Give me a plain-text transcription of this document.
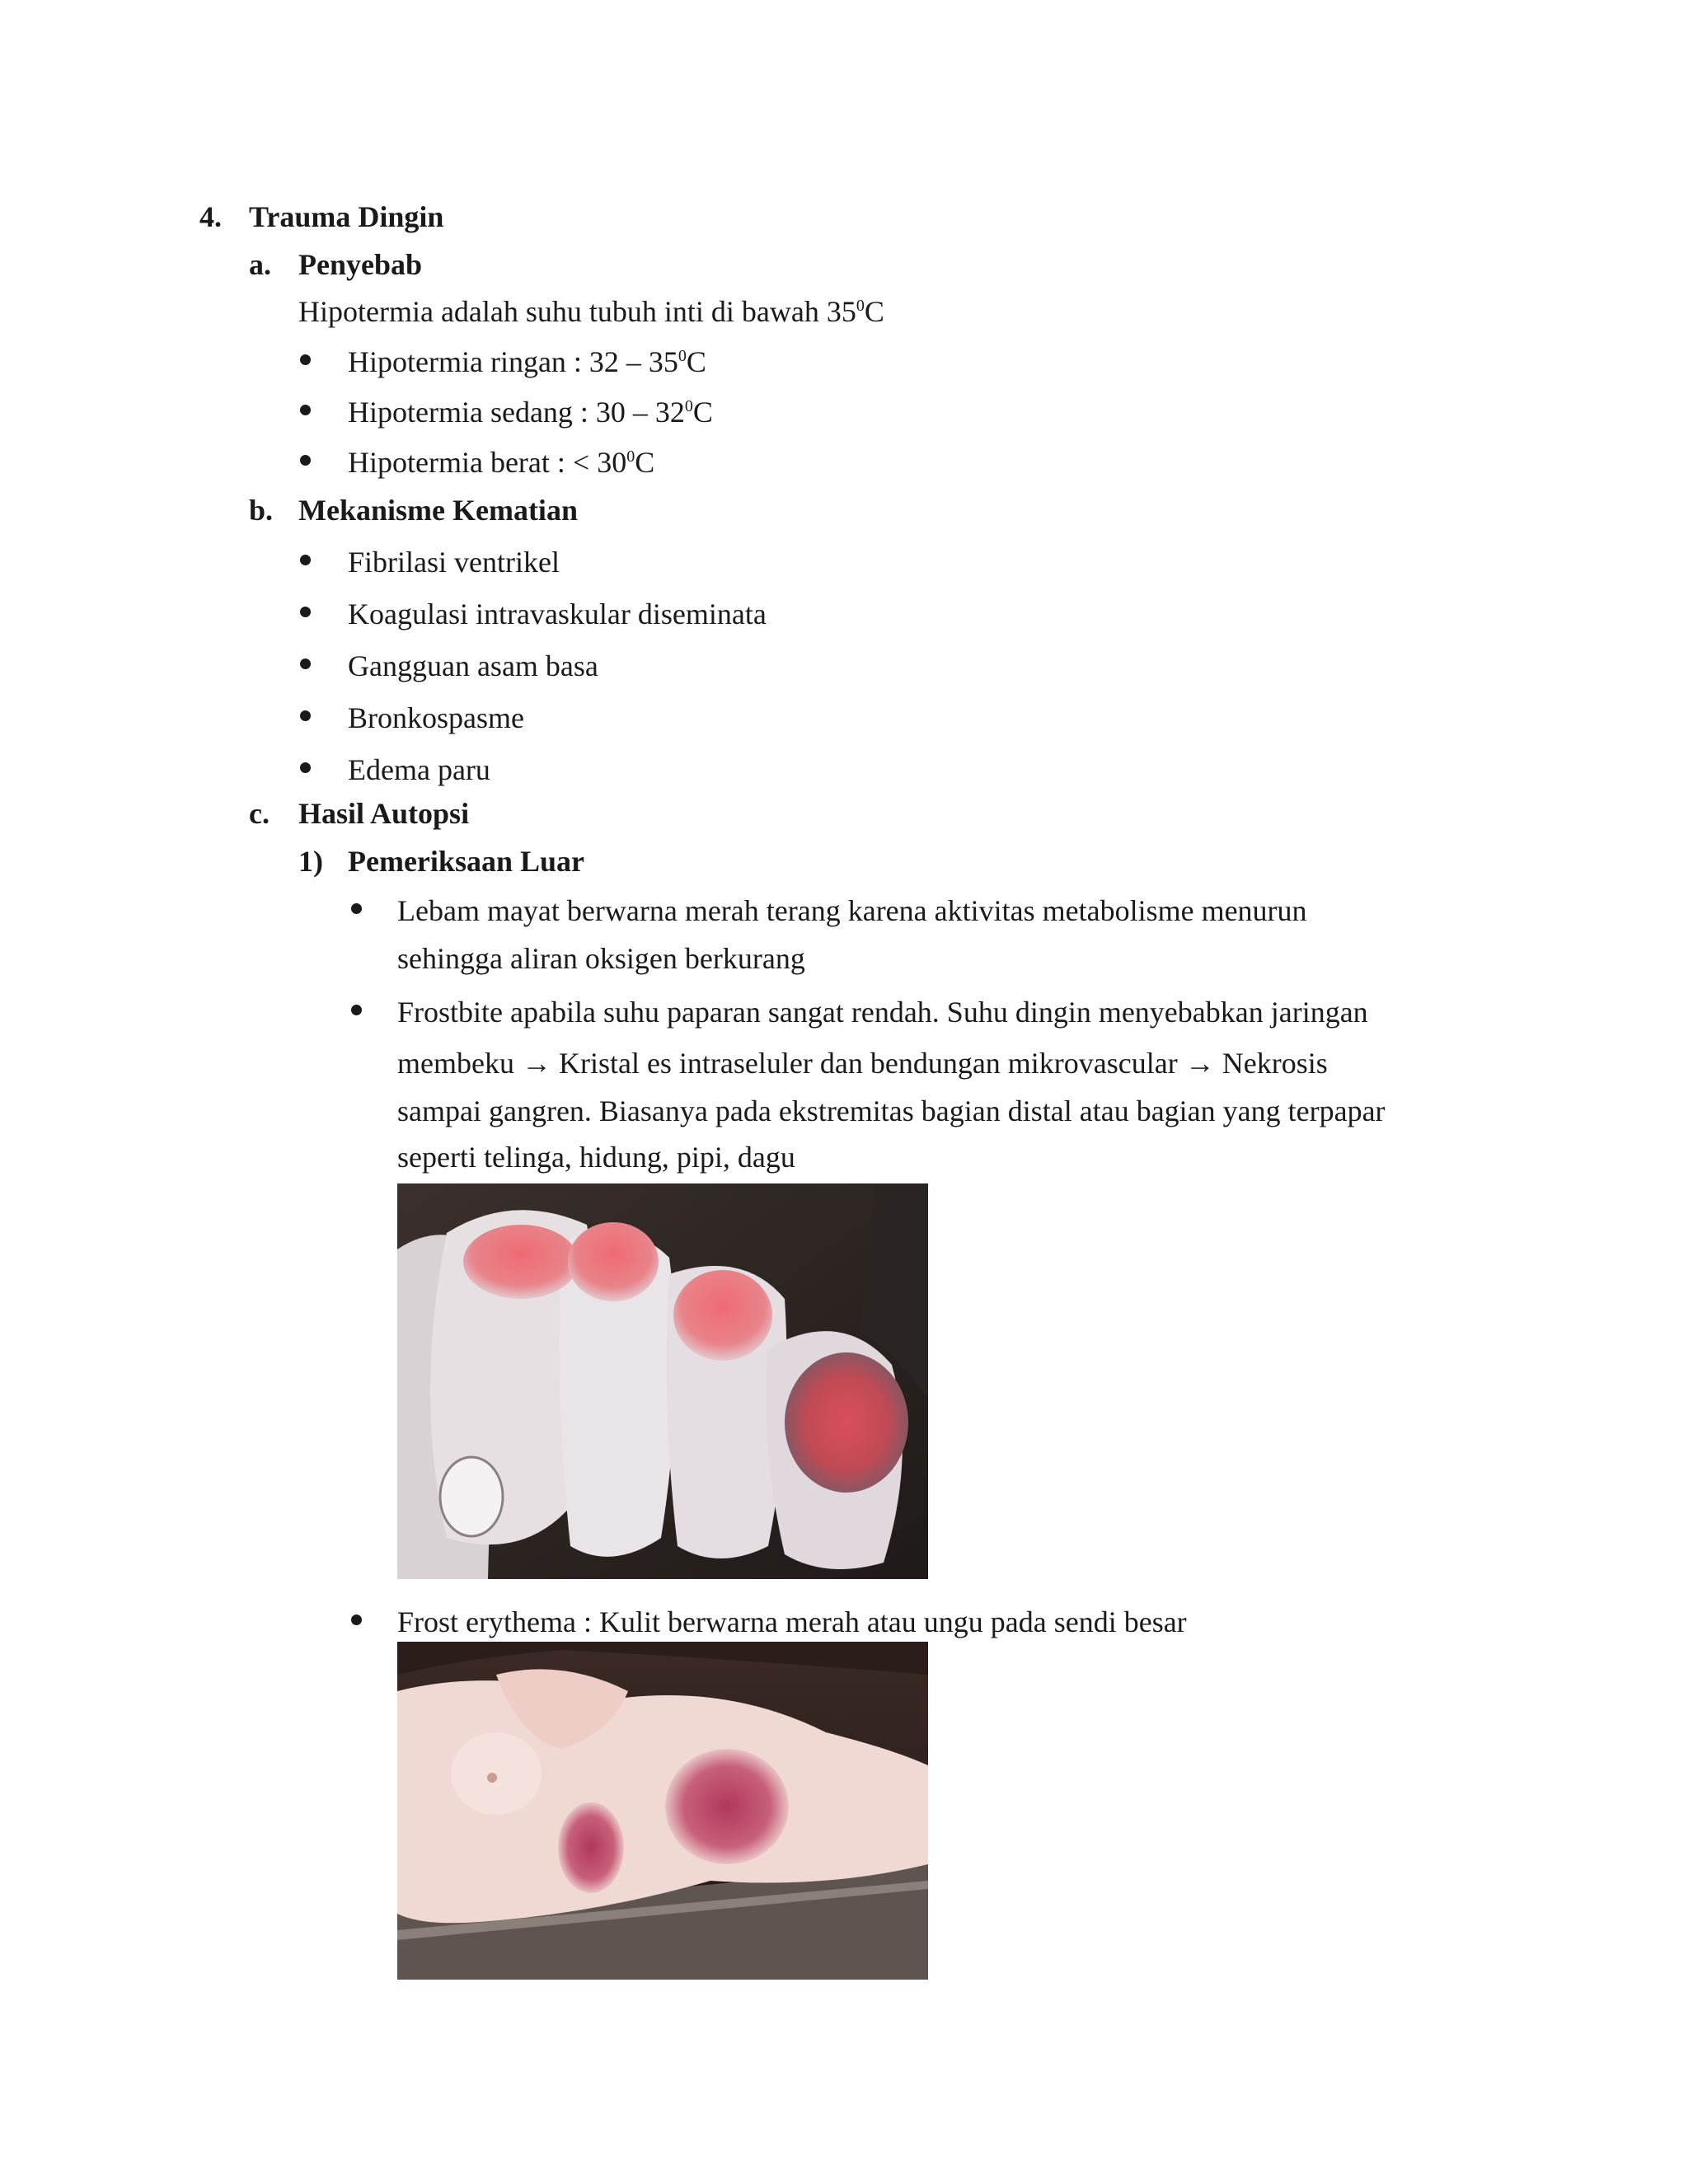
4. Trauma Dingin
a. Penyebab
Hipotermia adalah suhu tubuh inti di bawah $35^0C$
Hipotermia ringan : $32 - 35^0C$
Hipotermia sedang : $30 - 32^0C$
Hipotermia berat : < $30^0C$
b. Mekanisme Kematian
Fibrilasi ventrikel
Koagulasi intravaskular diseminata
Gangguan asam basa
Bronkospasme
Edema paru
c. Hasil Autopsi
1) Pemeriksaan Luar
Lebam mayat berwarna merah terang karena aktivitas metabolisme menurun
sehingga aliran oksigen berkurang
Frostbite apabila suhu paparan sangat rendah. Suhu dingin menyebabkan jaringan
membeku → Kristal es intraseluler dan bendungan mikrovascular → Nekrosis
sampai gangren. Biasanya pada ekstremitas bagian distal atau bagian yang terpapar
seperti telinga, hidung, pipi, dagu
Frost erythema : Kulit berwarna merah atau ungu pada sendi besar
